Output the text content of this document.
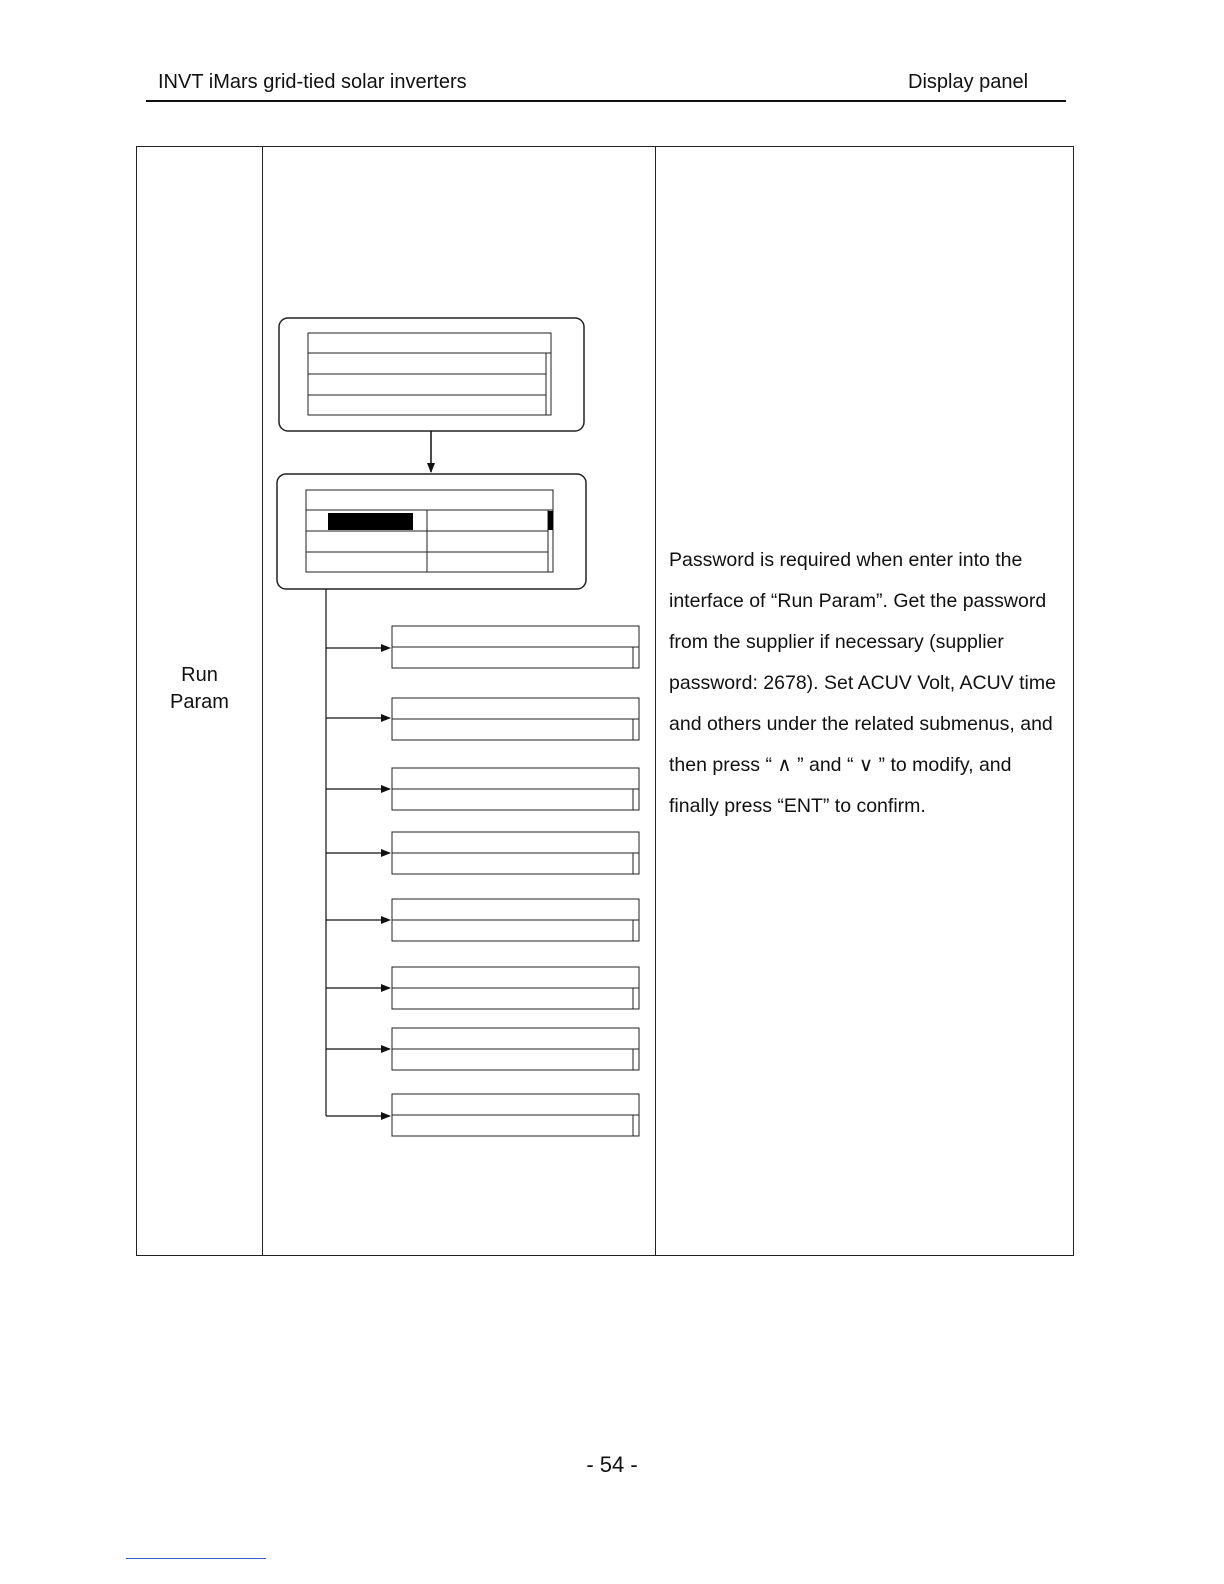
INVT iMars grid-tied solar inverters	Display panel
Run
Param

Password is required when enter into the interface of “Run Param”. Get the password from the supplier if necessary (supplier password: 2678). Set ACUV Volt, ACUV time and others under the related submenus, and then press “ ∧ ” and “ ∨ ” to modify, and finally press “ENT” to confirm.

- 54 -
